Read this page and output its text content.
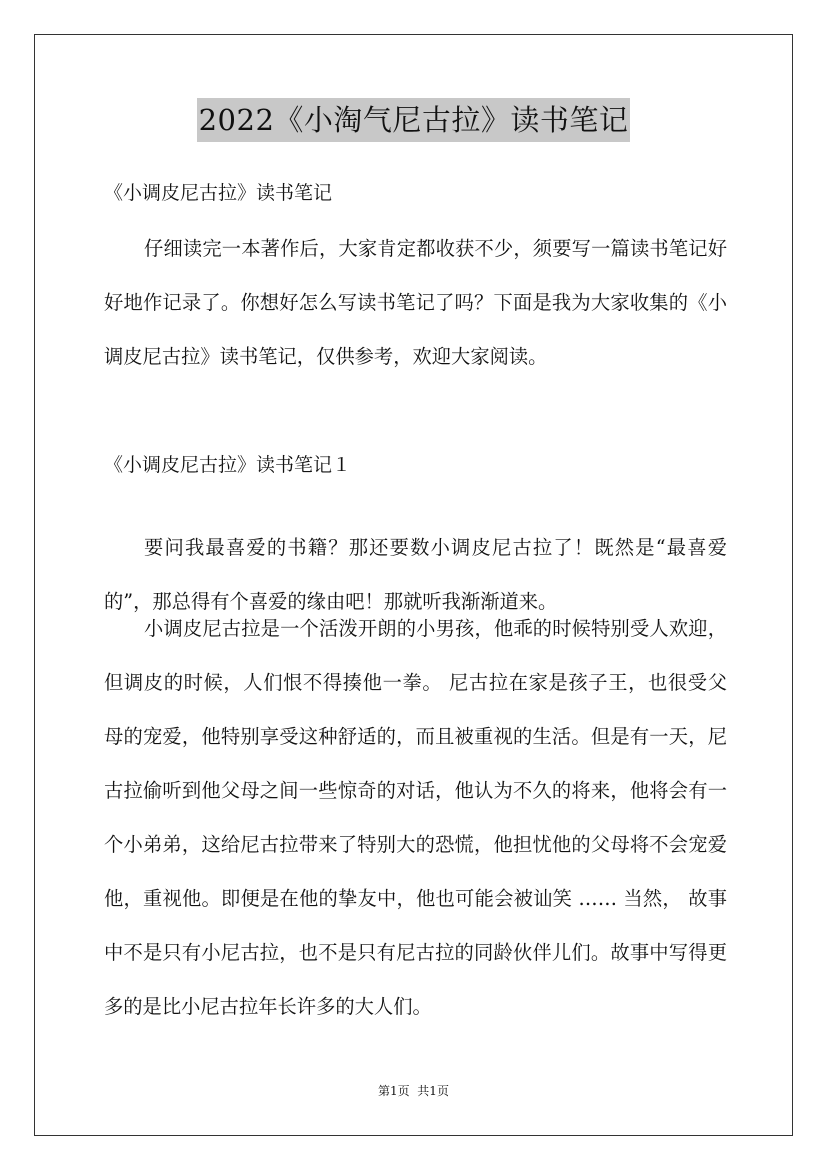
2022《小淘气尼古拉》读书笔记
《小调皮尼古拉》读书笔记

仔细读完一本著作后，大家肯定都收获不少，须要写一篇读书笔记好好地作记录了。你想好怎么写读书笔记了吗？下面是我为大家收集的《小调皮尼古拉》读书笔记，仅供参考，欢迎大家阅读。

《小调皮尼古拉》读书笔记１

要问我最喜爱的书籍？那还要数小调皮尼古拉了！既然是“最喜爱的”，那总得有个喜爱的缘由吧！那就听我渐渐道来。

小调皮尼古拉是一个活泼开朗的小男孩，他乖的时候特别受人欢迎，但调皮的时候，人们恨不得揍他一拳。 尼古拉在家是孩子王，也很受父母的宠爱，他特别享受这种舒适的，而且被重视的生活。但是有一天，尼古拉偷听到他父母之间一些惊奇的对话，他认为不久的将来，他将会有一个小弟弟，这给尼古拉带来了特别大的恐慌，他担忧他的父母将不会宠爱他，重视他。即便是在他的挚友中，他也可能会被讪笑 …… 当然， 故事中不是只有小尼古拉，也不是只有尼古拉的同龄伙伴儿们。故事中写得更多的是比小尼古拉年长许多的大人们。

第1页  共1页
